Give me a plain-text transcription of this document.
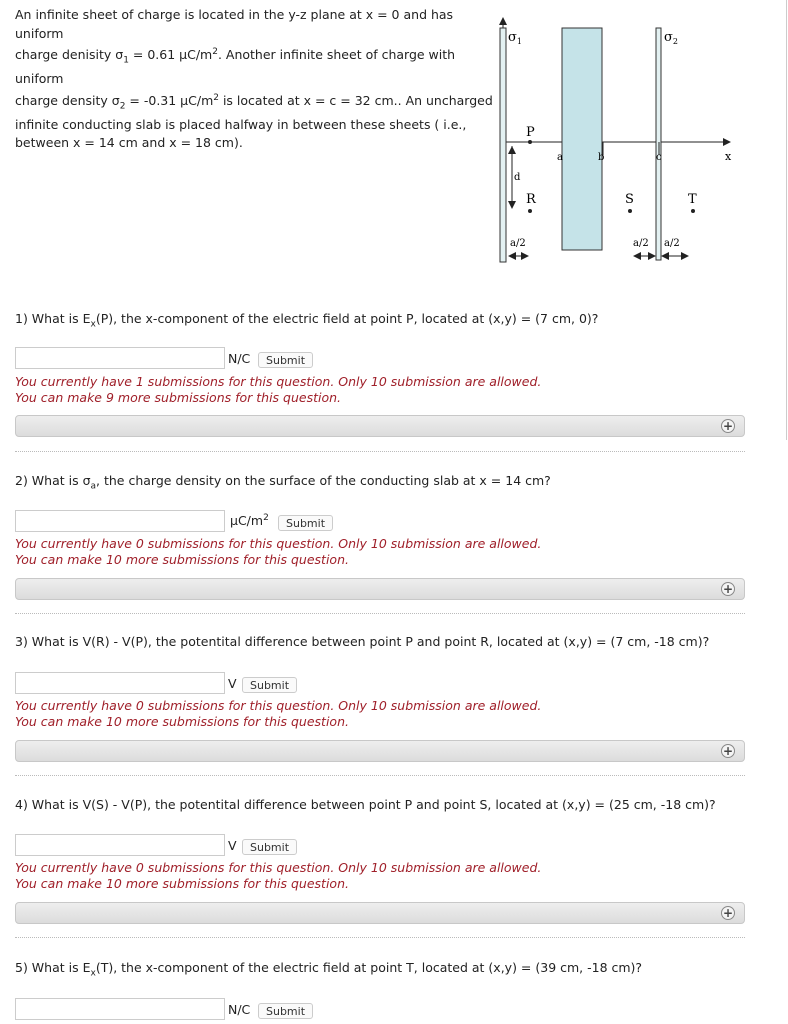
An infinite sheet of charge is located in the y-z plane at x = 0 and has uniform
charge denisity $\sigma_1 = 0.61$ $\mu C/m^2$. Another infinite sheet of charge with uniform
charge density $\sigma_2 = -0.31$ $\mu C/m^2$ is located at x = c = 32 cm.. An uncharged
infinite conducting slab is placed halfway in between these sheets ( i.e.,
between x = 14 cm and x = 18 cm).
$\sigma_1$	$\sigma_2$
P
R	S	T
a	b	c	x
d
a/2	a/2 a/2
1) What is $E_x(P)$, the x-component of the electric field at point P, located at (x,y) = (7 cm, 0)?
N/C	Submit
You currently have 1 submissions for this question. Only 10 submission are allowed.
You can make 9 more submissions for this question.
+
2) What is $\sigma_a$, the charge density on the surface of the conducting slab at x = 14 cm?
$\mu C/m^2$	Submit
You currently have 0 submissions for this question. Only 10 submission are allowed.
You can make 10 more submissions for this question.
+
3) What is V(R) - V(P), the potentital difference between point P and point R, located at (x,y) = (7 cm, -18 cm)?
V	Submit
You currently have 0 submissions for this question. Only 10 submission are allowed.
You can make 10 more submissions for this question.
+
4) What is V(S) - V(P), the potentital difference between point P and point S, located at (x,y) = (25 cm, -18 cm)?
V	Submit
You currently have 0 submissions for this question. Only 10 submission are allowed.
You can make 10 more submissions for this question.
+
5) What is $E_x(T)$, the x-component of the electric field at point T, located at (x,y) = (39 cm, -18 cm)?
N/C	Submit
